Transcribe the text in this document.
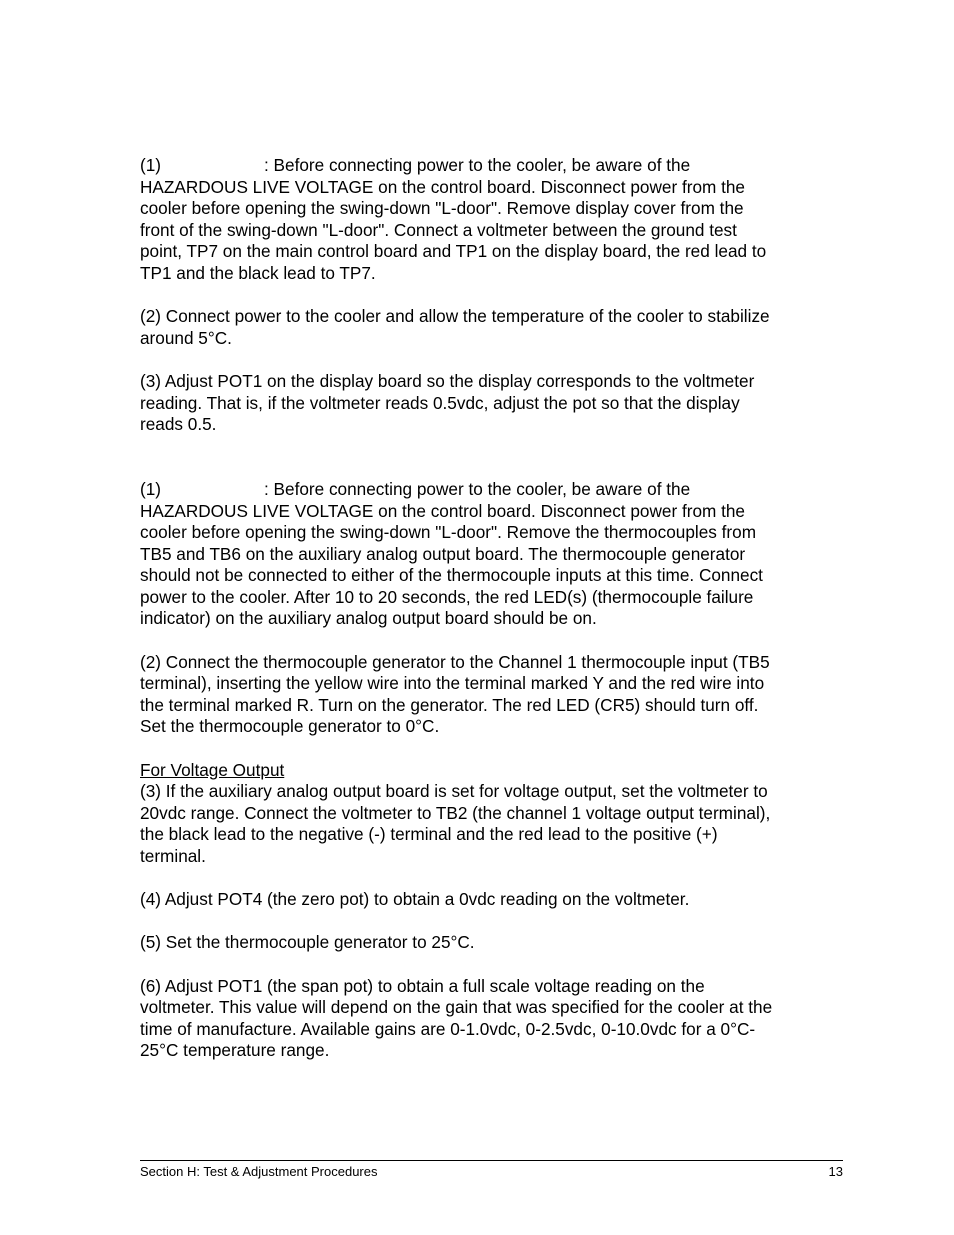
(1)	: Before connecting power to the cooler, be aware of the
HAZARDOUS LIVE VOLTAGE on the control board. Disconnect power from the
cooler before opening the swing-down "L-door". Remove display cover from the
front of the swing-down "L-door". Connect a voltmeter between the ground test
point, TP7 on the main control board and TP1 on the display board, the red lead to
TP1 and the black lead to TP7.

(2) Connect power to the cooler and allow the temperature of the cooler to stabilize
around 5°C.

(3) Adjust POT1 on the display board so the display corresponds to the voltmeter
reading. That is, if the voltmeter reads 0.5vdc, adjust the pot so that the display
reads 0.5.

(1)	: Before connecting power to the cooler, be aware of the
HAZARDOUS LIVE VOLTAGE on the control board. Disconnect power from the
cooler before opening the swing-down "L-door". Remove the thermocouples from
TB5 and TB6 on the auxiliary analog output board. The thermocouple generator
should not be connected to either of the thermocouple inputs at this time. Connect
power to the cooler. After 10 to 20 seconds, the red LED(s) (thermocouple failure
indicator) on the auxiliary analog output board should be on.

(2) Connect the thermocouple generator to the Channel 1 thermocouple input (TB5
terminal), inserting the yellow wire into the terminal marked Y and the red wire into
the terminal marked R. Turn on the generator. The red LED (CR5) should turn off.
Set the thermocouple generator to 0°C.

For Voltage Output

(3) If the auxiliary analog output board is set for voltage output, set the voltmeter to
20vdc range. Connect the voltmeter to TB2 (the channel 1 voltage output terminal),
the black lead to the negative (-) terminal and the red lead to the positive (+)
terminal.

(4) Adjust POT4 (the zero pot) to obtain a 0vdc reading on the voltmeter.

(5) Set the thermocouple generator to 25°C.

(6) Adjust POT1 (the span pot) to obtain a full scale voltage reading on the
voltmeter. This value will depend on the gain that was specified for the cooler at the
time of manufacture. Available gains are 0-1.0vdc, 0-2.5vdc, 0-10.0vdc for a 0°C-
25°C temperature range.

Section H: Test & Adjustment Procedures	13
